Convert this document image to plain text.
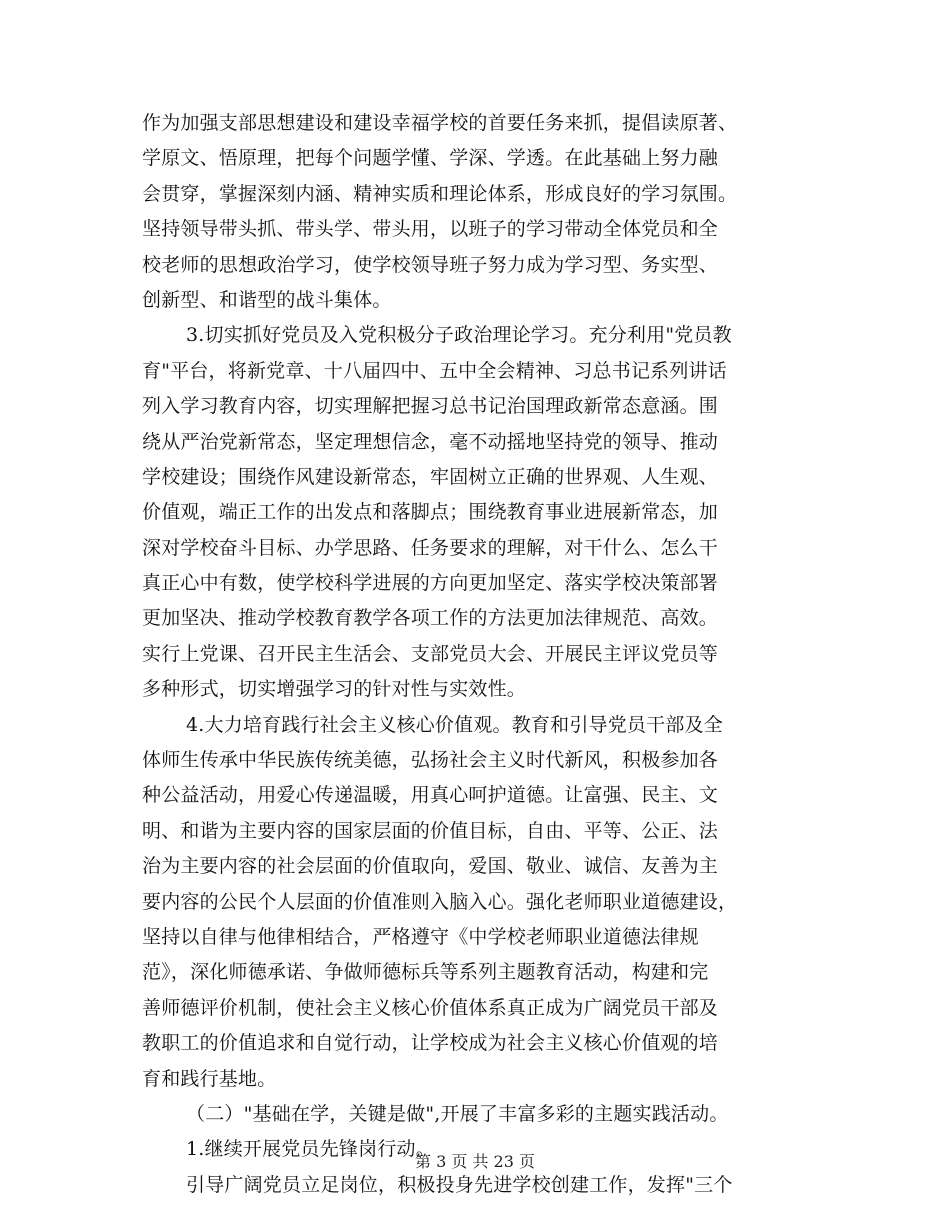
作为加强支部思想建设和建设幸福学校的首要任务来抓，提倡读原著、
学原文、悟原理，把每个问题学懂、学深、学透。在此基础上努力融
会贯穿，掌握深刻内涵、精神实质和理论体系，形成良好的学习氛围。
坚持领导带头抓、带头学、带头用，以班子的学习带动全体党员和全
校老师的思想政治学习，使学校领导班子努力成为学习型、务实型、
创新型、和谐型的战斗集体。
3.切实抓好党员及入党积极分子政治理论学习。充分利用"党员教
育"平台，将新党章、十八届四中、五中全会精神、习总书记系列讲话
列入学习教育内容，切实理解把握习总书记治国理政新常态意涵。围
绕从严治党新常态，坚定理想信念，毫不动摇地坚持党的领导、推动
学校建设；围绕作风建设新常态，牢固树立正确的世界观、人生观、
价值观，端正工作的出发点和落脚点；围绕教育事业进展新常态，加
深对学校奋斗目标、办学思路、任务要求的理解，对干什么、怎么干
真正心中有数，使学校科学进展的方向更加坚定、落实学校决策部署
更加坚决、推动学校教育教学各项工作的方法更加法律规范、高效。
实行上党课、召开民主生活会、支部党员大会、开展民主评议党员等
多种形式，切实增强学习的针对性与实效性。
4.大力培育践行社会主义核心价值观。教育和引导党员干部及全
体师生传承中华民族传统美德，弘扬社会主义时代新风，积极参加各
种公益活动，用爱心传递温暖，用真心呵护道德。让富强、民主、文
明、和谐为主要内容的国家层面的价值目标，自由、平等、公正、法
治为主要内容的社会层面的价值取向，爱国、敬业、诚信、友善为主
要内容的公民个人层面的价值准则入脑入心。强化老师职业道德建设，
坚持以自律与他律相结合，严格遵守《中学校老师职业道德法律规
范》，深化师德承诺、争做师德标兵等系列主题教育活动，构建和完
善师德评价机制，使社会主义核心价值体系真正成为广阔党员干部及
教职工的价值追求和自觉行动，让学校成为社会主义核心价值观的培
育和践行基地。
（二）"基础在学，关键是做",开展了丰富多彩的主题实践活动。
1.继续开展党员先锋岗行动。
引导广阔党员立足岗位，积极投身先进学校创建工作，发挥"三个
第 3 页 共 23 页
